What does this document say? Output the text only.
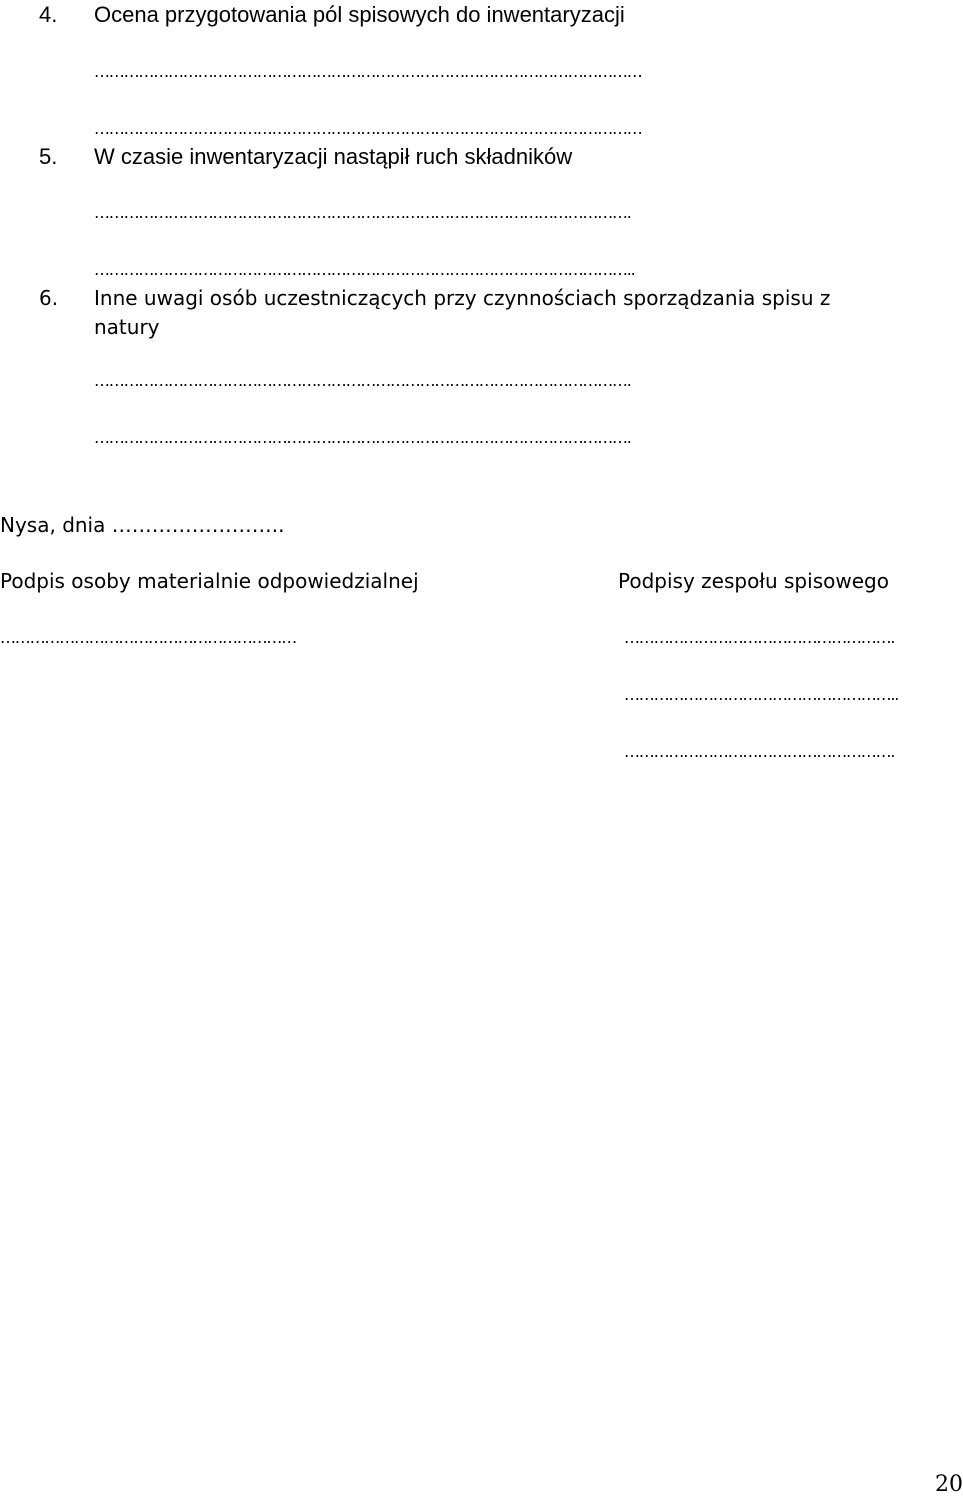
4. Ocena przygotowania pól spisowych do inwentaryzacji
…………………………………………………………………………………………………
…………………………………………………………………………………………………
5. W czasie inwentaryzacji nastąpił ruch składników
……………………………………………………………………………………………….
………………………………………………………………………………………………..
6. Inne uwagi osób uczestniczących przy czynnościach sporządzania spisu z
natury
……………………………………………………………………………………………….
……………………………………………………………………………………………….
Nysa, dnia ……………………..
Podpis osoby materialnie odpowiedzialnej
……………………………………………………
Podpisy zespołu spisowego
……………………………………………….
………………………………………………..
……………………………………………….
20
